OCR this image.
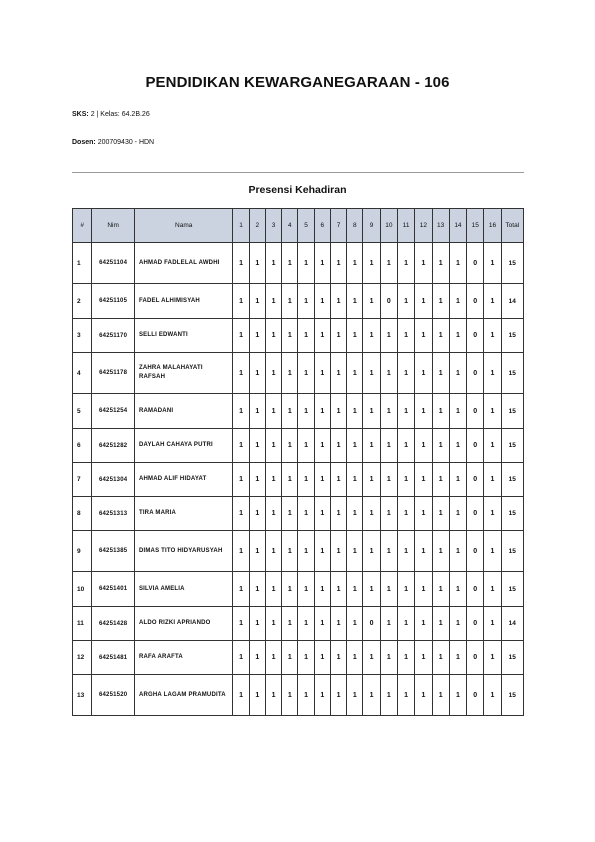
PENDIDIKAN KEWARGANEGARAAN - 106
SKS: 2 | Kelas: 64.2B.26
Dosen: 200709430 - HDN
Presensi Kehadiran
#	Nim	Nama	1	2	3	4	5	6	7	8	9	10	11	12	13	14	15	16	Total
1	64251104	AHMAD FADLELAL AWDHI	1	1	1	1	1	1	1	1	1	1	1	1	1	1	0	1	15
2	64251105	FADEL ALHIMISYAH	1	1	1	1	1	1	1	1	1	0	1	1	1	1	0	1	14
3	64251170	SELLI EDWANTI	1	1	1	1	1	1	1	1	1	1	1	1	1	1	0	1	15
4	64251178	ZAHRA MALAHAYATI RAFSAH	1	1	1	1	1	1	1	1	1	1	1	1	1	1	0	1	15
5	64251254	RAMADANI	1	1	1	1	1	1	1	1	1	1	1	1	1	1	0	1	15
6	64251282	DAYLAH CAHAYA PUTRI	1	1	1	1	1	1	1	1	1	1	1	1	1	1	0	1	15
7	64251304	AHMAD ALIF HIDAYAT	1	1	1	1	1	1	1	1	1	1	1	1	1	1	0	1	15
8	64251313	TIRA MARIA	1	1	1	1	1	1	1	1	1	1	1	1	1	1	0	1	15
9	64251385	DIMAS TITO HIDYARUSYAH	1	1	1	1	1	1	1	1	1	1	1	1	1	1	0	1	15
10	64251401	SILVIA AMELIA	1	1	1	1	1	1	1	1	1	1	1	1	1	1	0	1	15
11	64251428	ALDO RIZKI APRIANDO	1	1	1	1	1	1	1	1	0	1	1	1	1	1	0	1	14
12	64251481	RAFA ARAFTA	1	1	1	1	1	1	1	1	1	1	1	1	1	1	0	1	15
13	64251520	ARGHA LAGAM PRAMUDITA	1	1	1	1	1	1	1	1	1	1	1	1	1	1	0	1	15
